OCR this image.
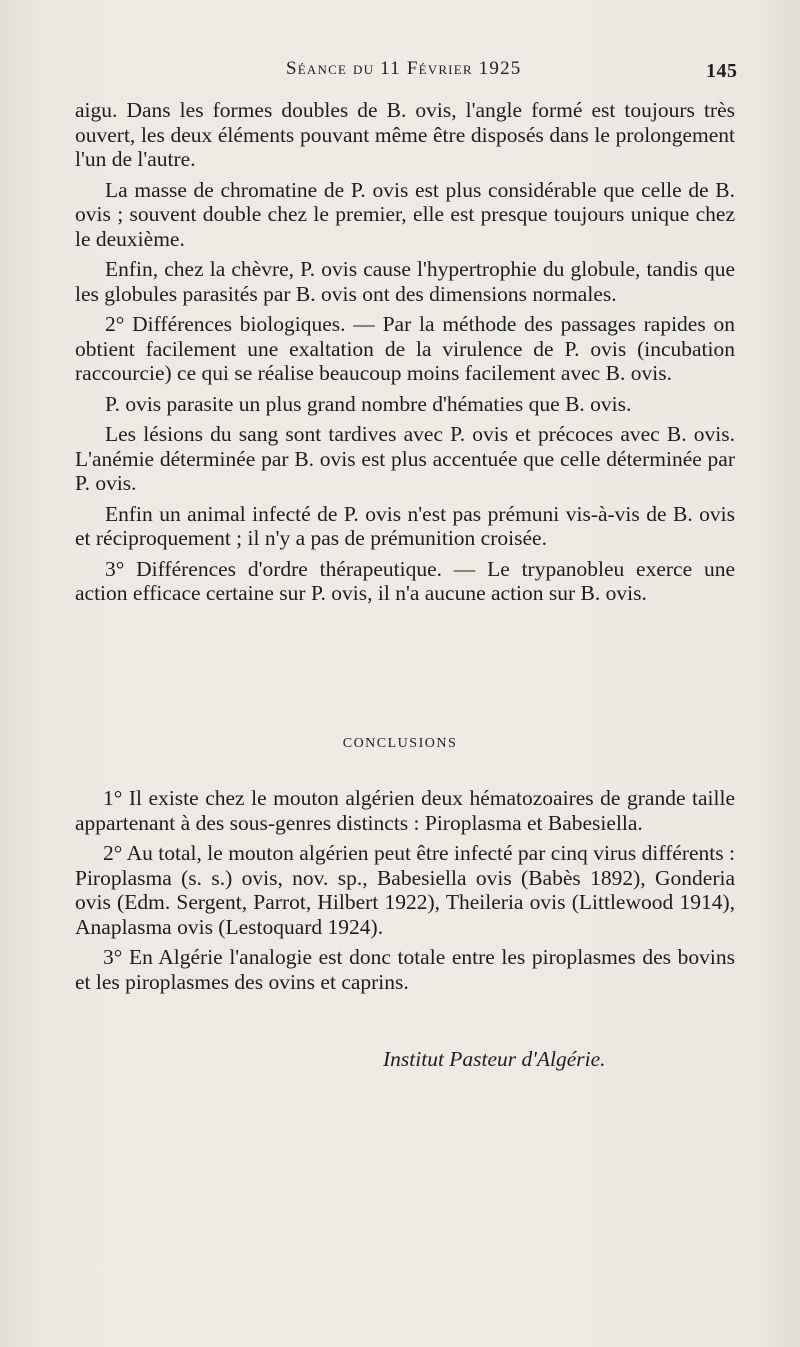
Séance du 11 Février 1925	145

aigu. Dans les formes doubles de B. ovis, l'angle formé est toujours très ouvert, les deux éléments pouvant même être disposés dans le prolongement l'un de l'autre.

La masse de chromatine de P. ovis est plus considérable que celle de B. ovis ; souvent double chez le premier, elle est presque toujours unique chez le deuxième.

Enfin, chez la chèvre, P. ovis cause l'hypertrophie du globule, tandis que les globules parasités par B. ovis ont des dimensions normales.

2° Différences biologiques. — Par la méthode des passages rapides on obtient facilement une exaltation de la virulence de P. ovis (incubation raccourcie) ce qui se réalise beaucoup moins facilement avec B. ovis.

P. ovis parasite un plus grand nombre d'hématies que B. ovis.

Les lésions du sang sont tardives avec P. ovis et précoces avec B. ovis. L'anémie déterminée par B. ovis est plus accentuée que celle déterminée par P. ovis.

Enfin un animal infecté de P. ovis n'est pas prémuni vis-à-vis de B. ovis et réciproquement ; il n'y a pas de prémunition croisée.

3° Différences d'ordre thérapeutique. — Le trypanobleu exerce une action efficace certaine sur P. ovis, il n'a aucune action sur B. ovis.

CONCLUSIONS

1° Il existe chez le mouton algérien deux hématozoaires de grande taille appartenant à des sous-genres distincts : Piroplasma et Babesiella.

2° Au total, le mouton algérien peut être infecté par cinq virus différents : Piroplasma (s. s.) ovis, nov. sp., Babesiella ovis (Babès 1892), Gonderia ovis (Edm. Sergent, Parrot, Hilbert 1922), Theileria ovis (Littlewood 1914), Anaplasma ovis (Lestoquard 1924).

3° En Algérie l'analogie est donc totale entre les piroplasmes des bovins et les piroplasmes des ovins et caprins.

Institut Pasteur d'Algérie.
